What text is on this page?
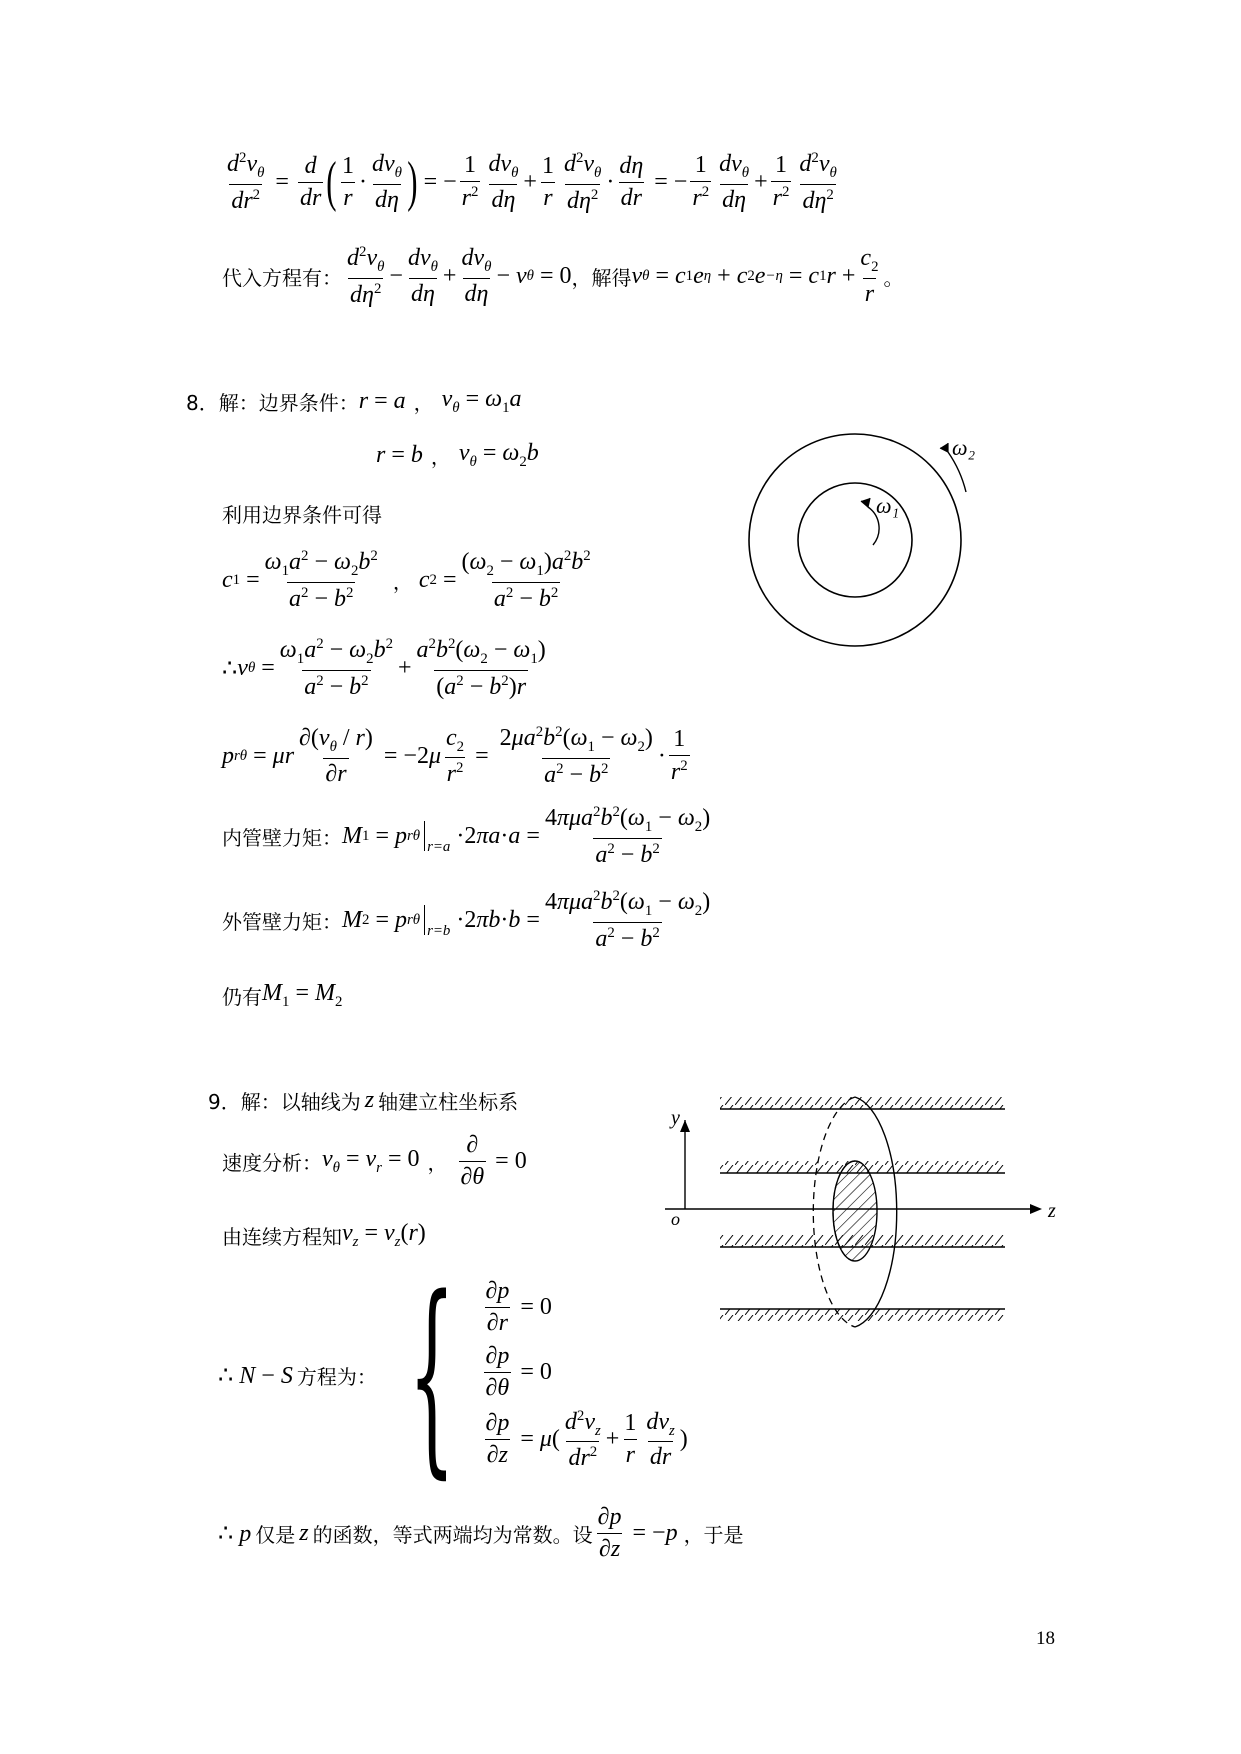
$\frac{d^2v_\theta}{dr^2} = \frac{d}{dr}$ ( $\frac{1}{r} \cdot \frac{dv_\theta}{d\eta}$ ) = − $\frac{1}{r^2} \frac{dv_\theta}{d\eta} + \frac{1}{r} \frac{d^2v_\theta}{d\eta^2} \cdot \frac{d\eta}{dr}$ = − $\frac{1}{r^2} \frac{dv_\theta}{d\eta} + \frac{1}{r^2} \frac{d^2v_\theta}{d\eta^2}$
代入方程有： $\frac{d^2v_\theta}{d\eta^2} - \frac{dv_\theta}{d\eta} + \frac{dv_\theta}{d\eta} - v$ θ = 0 ，解得 v θ = c 1 e η + c 2 e −η = c 1 $r + \frac{c_2}{r}$ 。
8．解：边界条件： r = a ， $v_\theta = \omega_1a$
r = b ， $v_\theta = \omega_2b$
利用边界条件可得
c $1 = \frac{\omega_1a^2 - \omega_2b^2}{a^2 - b^2}$ ， c $2 = \frac{(\omega_2 - \omega_1)a^2b^2}{a^2 - b^2}$
∴ v $\theta = \frac{\omega_1a^2 - \omega_2b^2}{a^2 - b^2} + \frac{a^2b^2(\omega_2 - \omega_1)}{(a^2 - b^2)r}$
p rθ = μr $\frac{\partial(v_\theta / r)}{\partial r} = -2$ μ $\frac{c_2}{r^2} = \frac{2\mu a^2b^2(\omega_1 - \omega_2)}{a^2 - b^2} \cdot \frac{1}{r^2}$
内管壁力矩： M 1 = p rθ
$_{r=a}$ ·2 $\pi a \cdot a = \frac{4\pi\mu a^2b^2(\omega_1 - \omega_2)}{a^2 - b^2}$
外管壁力矩： M 2 = p rθ
$_{r=b}$ ·2 $\pi b \cdot b = \frac{4\pi\mu a^2b^2(\omega_1 - \omega_2)}{a^2 - b^2}$
仍有 $M_1 = M_2$
ω₂
ω₁
9．解：以轴线为 z 轴建立柱坐标系
速度分析： $v_\theta = v_r = 0$ ， $\frac{\partial}{\partial\theta} = 0$
由连续方程知 $v_z = v_z(r)$
∴ N − S 方程为： { $\frac{\partial p}{\partial r} = 0$
$\frac{\partial p}{\partial\theta} = 0$
$\frac{\partial p}{\partial z} = \mu$ ( $\frac{d^2v_z}{dr^2} + \frac{1}{r} \frac{dv_z}{dr}$ )
∴ p 仅是 z 的函数，等式两端均为常数。设 $\frac{\partial p}{\partial z}$ = − p ，于是
y
z
o
18
